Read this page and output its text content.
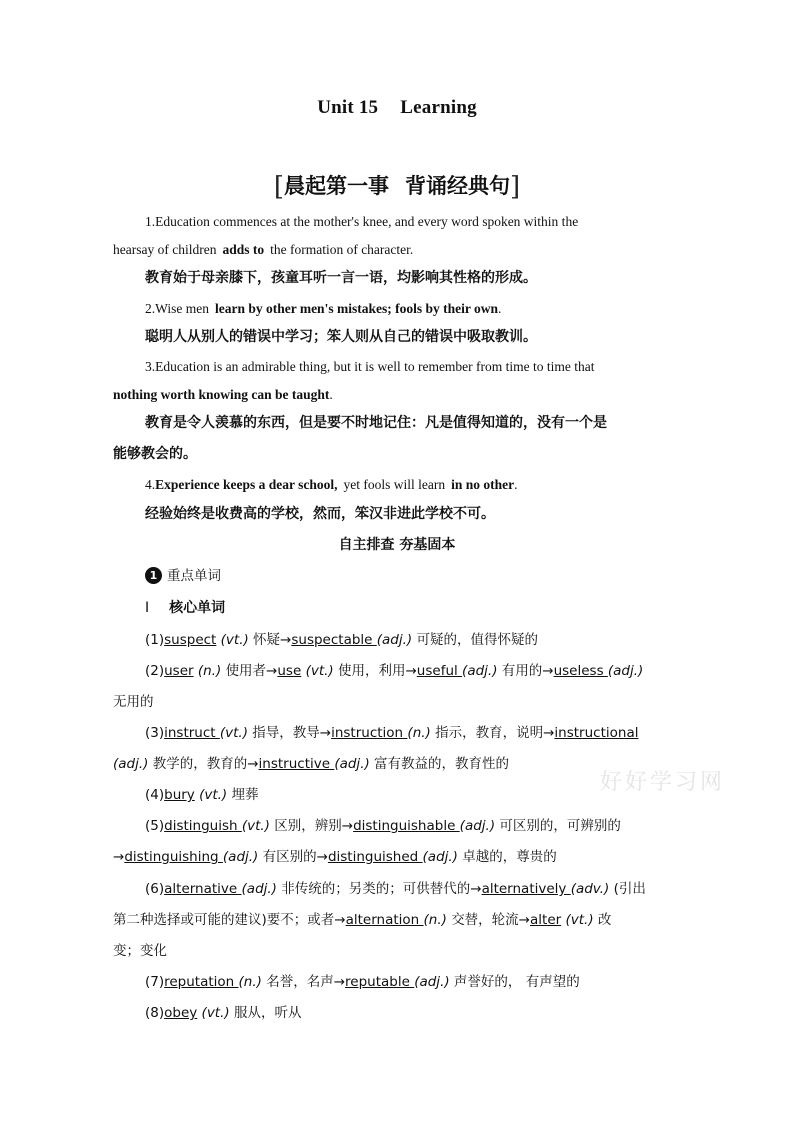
Unit 15 Learning
[晨起第一事 背诵经典句]
1.Education commences at the mother's knee, and every word spoken within the
hearsay of children adds to the formation of character.
教育始于母亲膝下，孩童耳听一言一语，均影响其性格的形成。
2.Wise men learn by other men's mistakes; fools by their own.
聪明人从别人的错误中学习；笨人则从自己的错误中吸取教训。
3.Education is an admirable thing, but it is well to remember from time to time that
nothing worth knowing can be taught.
教育是令人羡慕的东西，但是要不时地记住：凡是值得知道的，没有一个是
能够教会的。
4.Experience keeps a dear school, yet fools will learn in no other.
经验始终是收费高的学校，然而，笨汉非进此学校不可。
自主排查 夯基固本
1 重点单词
Ⅰ 核心单词
(1)suspect (vt.) 怀疑→suspectable (adj.) 可疑的，值得怀疑的
(2)user (n.) 使用者→use (vt.) 使用，利用→useful (adj.) 有用的→useless (adj.)
无用的
(3)instruct (vt.) 指导，教导→instruction (n.) 指示，教育，说明→instructional
(adj.) 教学的，教育的→instructive (adj.) 富有教益的，教育性的
(4)bury (vt.) 埋葬
(5)distinguish (vt.) 区别，辨别→distinguishable (adj.) 可区别的，可辨别的
→distinguishing (adj.) 有区别的→distinguished (adj.) 卓越的，尊贵的
(6)alternative (adj.) 非传统的；另类的；可供替代的→alternatively (adv.) (引出
第二种选择或可能的建议)要不；或者→alternation (n.) 交替，轮流→alter (vt.) 改
变；变化
(7)reputation (n.) 名誉，名声→reputable (adj.) 声誉好的， 有声望的
(8)obey (vt.) 服从，听从
好好学习网
